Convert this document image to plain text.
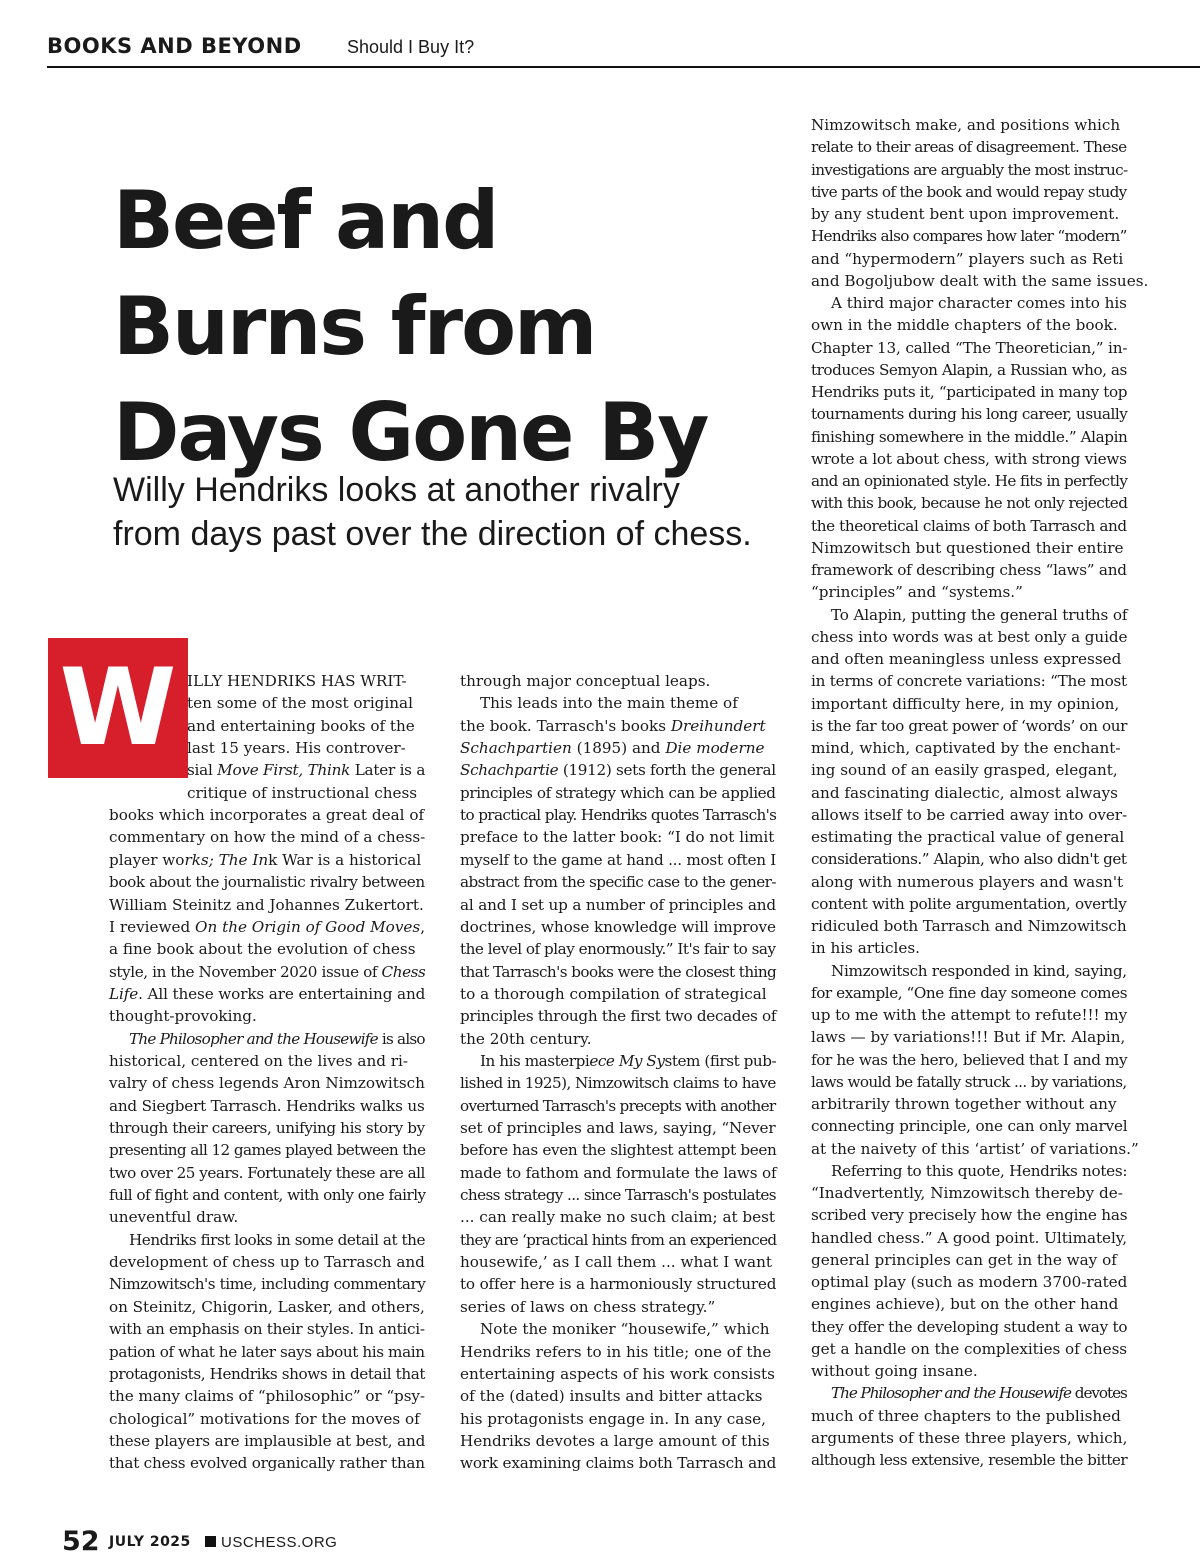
BOOKS AND BEYOND	Should I Buy It?
Beef and
Burns from
Days Gone By
Willy Hendriks looks at another rivalry
from days past over the direction of chess.
W ILLY HENDRIKS HAS WRIT-
ten some of the most original
and entertaining books of the
last 15 years. His controver-
sial Move First, Think Later is a
critique of instructional chess
books which incorporates a great deal of
commentary on how the mind of a chess-
player works; The Ink War is a historical
book about the journalistic rivalry between
William Steinitz and Johannes Zukertort.
I reviewed On the Origin of Good Moves,
a fine book about the evolution of chess
style, in the November 2020 issue of Chess
Life. All these works are entertaining and
thought-provoking.
The Philosopher and the Housewife is also
historical, centered on the lives and ri-
valry of chess legends Aron Nimzowitsch
and Siegbert Tarrasch. Hendriks walks us
through their careers, unifying his story by
presenting all 12 games played between the
two over 25 years. Fortunately these are all
full of fight and content, with only one fairly
uneventful draw.
Hendriks first looks in some detail at the
development of chess up to Tarrasch and
Nimzowitsch's time, including commentary
on Steinitz, Chigorin, Lasker, and others,
with an emphasis on their styles. In antici-
pation of what he later says about his main
protagonists, Hendriks shows in detail that
the many claims of “philosophic” or “psy-
chological” motivations for the moves of
these players are implausible at best, and
that chess evolved organically rather than
through major conceptual leaps.
This leads into the main theme of
the book. Tarrasch's books Dreihundert
Schachpartien (1895) and Die moderne
Schachpartie (1912) sets forth the general
principles of strategy which can be applied
to practical play. Hendriks quotes Tarrasch's
preface to the latter book: “I do not limit
myself to the game at hand ... most often I
abstract from the specific case to the gener-
al and I set up a number of principles and
doctrines, whose knowledge will improve
the level of play enormously.” It's fair to say
that Tarrasch's books were the closest thing
to a thorough compilation of strategical
principles through the first two decades of
the 20th century.
In his masterpiece My System (first pub-
lished in 1925), Nimzowitsch claims to have
overturned Tarrasch's precepts with another
set of principles and laws, saying, “Never
before has even the slightest attempt been
made to fathom and formulate the laws of
chess strategy ... since Tarrasch's postulates
... can really make no such claim; at best
they are ‘practical hints from an experienced
housewife,’ as I call them ... what I want
to offer here is a harmoniously structured
series of laws on chess strategy.”
Note the moniker “housewife,” which
Hendriks refers to in his title; one of the
entertaining aspects of his work consists
of the (dated) insults and bitter attacks
his protagonists engage in. In any case,
Hendriks devotes a large amount of this
work examining claims both Tarrasch and
Nimzowitsch make, and positions which
relate to their areas of disagreement. These
investigations are arguably the most instruc-
tive parts of the book and would repay study
by any student bent upon improvement.
Hendriks also compares how later “modern”
and “hypermodern” players such as Reti
and Bogoljubow dealt with the same issues.
A third major character comes into his
own in the middle chapters of the book.
Chapter 13, called “The Theoretician,” in-
troduces Semyon Alapin, a Russian who, as
Hendriks puts it, “participated in many top
tournaments during his long career, usually
finishing somewhere in the middle.” Alapin
wrote a lot about chess, with strong views
and an opinionated style. He fits in perfectly
with this book, because he not only rejected
the theoretical claims of both Tarrasch and
Nimzowitsch but questioned their entire
framework of describing chess “laws” and
“principles” and “systems.”
To Alapin, putting the general truths of
chess into words was at best only a guide
and often meaningless unless expressed
in terms of concrete variations: “The most
important difficulty here, in my opinion,
is the far too great power of ‘words’ on our
mind, which, captivated by the enchant-
ing sound of an easily grasped, elegant,
and fascinating dialectic, almost always
allows itself to be carried away into over-
estimating the practical value of general
considerations.” Alapin, who also didn't get
along with numerous players and wasn't
content with polite argumentation, overtly
ridiculed both Tarrasch and Nimzowitsch
in his articles.
Nimzowitsch responded in kind, saying,
for example, “One fine day someone comes
up to me with the attempt to refute!!! my
laws — by variations!!! But if Mr. Alapin,
for he was the hero, believed that I and my
laws would be fatally struck ... by variations,
arbitrarily thrown together without any
connecting principle, one can only marvel
at the naivety of this ‘artist’ of variations.”
Referring to this quote, Hendriks notes:
“Inadvertently, Nimzowitsch thereby de-
scribed very precisely how the engine has
handled chess.” A good point. Ultimately,
general principles can get in the way of
optimal play (such as modern 3700-rated
engines achieve), but on the other hand
they offer the developing student a way to
get a handle on the complexities of chess
without going insane.
The Philosopher and the Housewife devotes
much of three chapters to the published
arguments of these three players, which,
although less extensive, resemble the bitter
52 JULY 2025 USCHESS.ORG
